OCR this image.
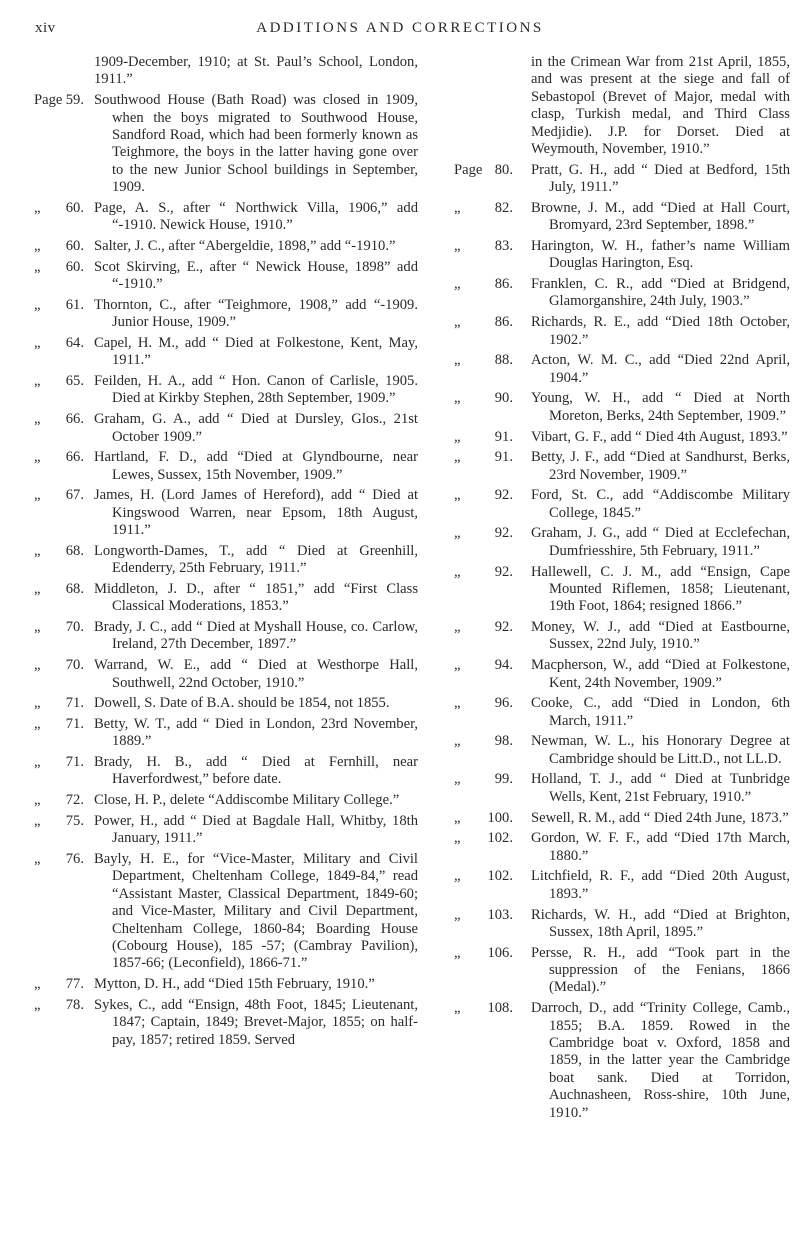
xiv	ADDITIONS AND CORRECTIONS
1909-December, 1910; at St. Paul’s School, London, 1911.”
Page 59. Southwood House (Bath Road) was closed in 1909, when the boys migrated to Southwood House, Sandford Road, which had been formerly known as Teighmore, the boys in the latter having gone over to the new Junior School buildings in September, 1909.
„ 60. Page, A. S., after “ Northwick Villa, 1906,” add “-1910. Newick House, 1910.”
„ 60. Salter, J. C., after “Abergeldie, 1898,” add “-1910.”
„ 60. Scot Skirving, E., after “ Newick House, 1898” add “-1910.”
„ 61. Thornton, C., after “Teighmore, 1908,” add “-1909. Junior House, 1909.”
„ 64. Capel, H. M., add “ Died at Folkestone, Kent, May, 1911.”
„ 65. Feilden, H. A., add “ Hon. Canon of Carlisle, 1905. Died at Kirkby Stephen, 28th September, 1909.”
„ 66. Graham, G. A., add “ Died at Dursley, Glos., 21st October 1909.”
„ 66. Hartland, F. D., add “Died at Glyndbourne, near Lewes, Sussex, 15th November, 1909.”
„ 67. James, H. (Lord James of Hereford), add “ Died at Kingswood Warren, near Epsom, 18th August, 1911.”
„ 68. Longworth-Dames, T., add “ Died at Greenhill, Edenderry, 25th February, 1911.”
„ 68. Middleton, J. D., after “ 1851,” add “First Class Classical Moderations, 1853.”
„ 70. Brady, J. C., add “ Died at Myshall House, co. Carlow, Ireland, 27th December, 1897.”
„ 70. Warrand, W. E., add “ Died at Westhorpe Hall, Southwell, 22nd October, 1910.”
„ 71. Dowell, S. Date of B.A. should be 1854, not 1855.
„ 71. Betty, W. T., add “ Died in London, 23rd November, 1889.”
„ 71. Brady, H. B., add “ Died at Fernhill, near Haverfordwest,” before date.
„ 72. Close, H. P., delete “Addiscombe Military College.”
„ 75. Power, H., add “ Died at Bagdale Hall, Whitby, 18th January, 1911.”
„ 76. Bayly, H. E., for “Vice-Master, Military and Civil Department, Cheltenham College, 1849-84,” read “Assistant Master, Classical Department, 1849-60; and Vice-Master, Military and Civil Department, Cheltenham College, 1860-84; Boarding House (Cobourg House), 185 -57; (Cambray Pavilion), 1857-66; (Leconfield), 1866-71.”
„ 77. Mytton, D. H., add “Died 15th February, 1910.”
„ 78. Sykes, C., add “Ensign, 48th Foot, 1845; Lieutenant, 1847; Captain, 1849; Brevet-Major, 1855; on half-pay, 1857; retired 1859. Served
in the Crimean War from 21st April, 1855, and was present at the siege and fall of Sebastopol (Brevet of Major, medal with clasp, Turkish medal, and Third Class Medjidie). J.P. for Dorset. Died at Weymouth, November, 1910.”
Page 80. Pratt, G. H., add “ Died at Bedford, 15th July, 1911.”
„ 82. Browne, J. M., add “Died at Hall Court, Bromyard, 23rd September, 1898.”
„ 83. Harington, W. H., father’s name William Douglas Harington, Esq.
„ 86. Franklen, C. R., add “Died at Bridgend, Glamorganshire, 24th July, 1903.”
„ 86. Richards, R. E., add “Died 18th October, 1902.”
„ 88. Acton, W. M. C., add “Died 22nd April, 1904.”
„ 90. Young, W. H., add “ Died at North Moreton, Berks, 24th September, 1909.”
„ 91. Vibart, G. F., add “ Died 4th August, 1893.”
„ 91. Betty, J. F., add “Died at Sandhurst, Berks, 23rd November, 1909.”
„ 92. Ford, St. C., add “Addiscombe Military College, 1845.”
„ 92. Graham, J. G., add “ Died at Ecclefechan, Dumfriesshire, 5th February, 1911.”
„ 92. Hallewell, C. J. M., add “Ensign, Cape Mounted Riflemen, 1858; Lieutenant, 19th Foot, 1864; resigned 1866.”
„ 92. Money, W. J., add “Died at Eastbourne, Sussex, 22nd July, 1910.”
„ 94. Macpherson, W., add “Died at Folkestone, Kent, 24th November, 1909.”
„ 96. Cooke, C., add “Died in London, 6th March, 1911.”
„ 98. Newman, W. L., his Honorary Degree at Cambridge should be Litt.D., not LL.D.
„ 99. Holland, T. J., add “ Died at Tunbridge Wells, Kent, 21st February, 1910.”
„ 100. Sewell, R. M., add “ Died 24th June, 1873.”
„ 102. Gordon, W. F. F., add “Died 17th March, 1880.”
„ 102. Litchfield, R. F., add “Died 20th August, 1893.”
„ 103. Richards, W. H., add “Died at Brighton, Sussex, 18th April, 1895.”
„ 106. Persse, R. H., add “Took part in the suppression of the Fenians, 1866 (Medal).”
„ 108. Darroch, D., add “Trinity College, Camb., 1855; B.A. 1859. Rowed in the Cambridge boat v. Oxford, 1858 and 1859, in the latter year the Cambridge boat sank. Died at Torridon, Auchnasheen, Ross-shire, 10th June, 1910.”
